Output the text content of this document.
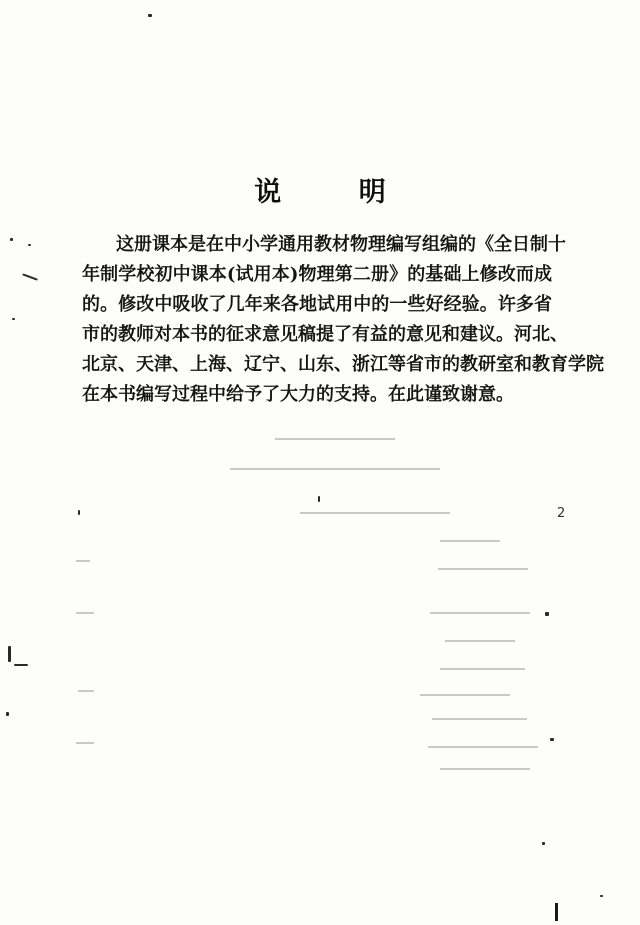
说 明
这册课本是在中小学通用教材物理编写组编的《全日制十
年制学校初中课本(试用本)物理第二册》的基础上修改而成
的。修改中吸收了几年来各地试用中的一些好经验。许多省
市的教师对本书的征求意见稿提了有益的意见和建议。河北、
北京、天津、上海、辽宁、山东、浙江等省市的教研室和教育学院
在本书编写过程中给予了大力的支持。在此谨致谢意。
2
